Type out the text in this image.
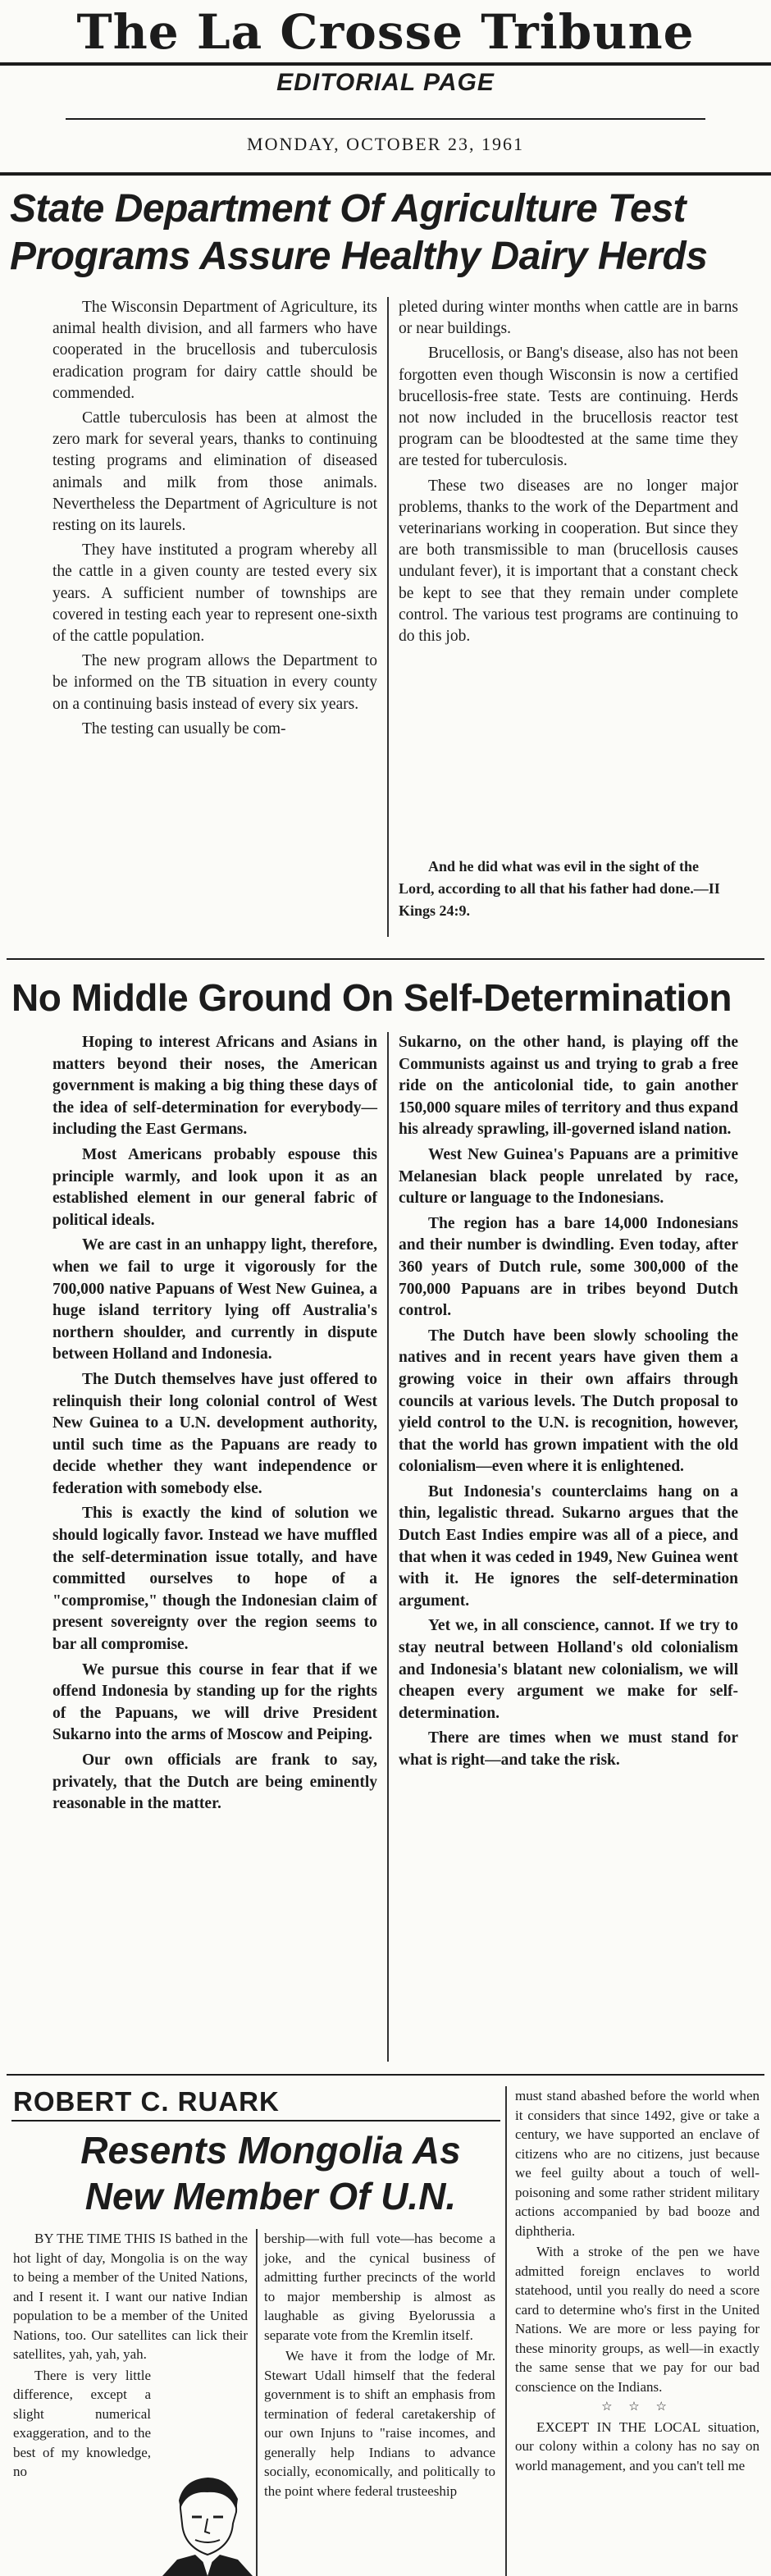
The La Crosse Tribune
EDITORIAL PAGE
MONDAY, OCTOBER 23, 1961
State Department Of Agriculture Test
Programs Assure Healthy Dairy Herds

The Wisconsin Department of Agriculture, its animal health division, and all farmers who have cooperated in the brucellosis and tuberculosis eradication program for dairy cattle should be commended.

Cattle tuberculosis has been at almost the zero mark for several years, thanks to continuing testing programs and elimination of diseased animals and milk from those animals. Nevertheless the Department of Agriculture is not resting on its laurels.

They have instituted a program whereby all the cattle in a given county are tested every six years. A sufficient number of townships are covered in testing each year to represent one-sixth of the cattle population.

The new program allows the Department to be informed on the TB situation in every county on a continuing basis instead of every six years.

The testing can usually be com-

pleted during winter months when cattle are in barns or near buildings.

Brucellosis, or Bang's disease, also has not been forgotten even though Wisconsin is now a certified brucellosis-free state. Tests are continuing. Herds not now included in the brucellosis reactor test program can be bloodtested at the same time they are tested for tuberculosis.

These two diseases are no longer major problems, thanks to the work of the Department and veterinarians working in cooperation. But since they are both transmissible to man (brucellosis causes undulant fever), it is important that a constant check be kept to see that they remain under complete control. The various test programs are continuing to do this job.

And he did what was evil in the sight of the Lord, according to all that his father had done.—II Kings 24:9.

No Middle Ground On Self-Determination

Hoping to interest Africans and Asians in matters beyond their noses, the American government is making a big thing these days of the idea of self-determination for everybody—including the East Germans.

Most Americans probably espouse this principle warmly, and look upon it as an established element in our general fabric of political ideals.

We are cast in an unhappy light, therefore, when we fail to urge it vigorously for the 700,000 native Papuans of West New Guinea, a huge island territory lying off Australia's northern shoulder, and currently in dispute between Holland and Indonesia.

The Dutch themselves have just offered to relinquish their long colonial control of West New Guinea to a U.N. development authority, until such time as the Papuans are ready to decide whether they want independence or federation with somebody else.

This is exactly the kind of solution we should logically favor. Instead we have muffled the self-determination issue totally, and have committed ourselves to hope of a "compromise," though the Indonesian claim of present sovereignty over the region seems to bar all compromise.

We pursue this course in fear that if we offend Indonesia by standing up for the rights of the Papuans, we will drive President Sukarno into the arms of Moscow and Peiping.

Our own officials are frank to say, privately, that the Dutch are being eminently reasonable in the matter.

Sukarno, on the other hand, is playing off the Communists against us and trying to grab a free ride on the anticolonial tide, to gain another 150,000 square miles of territory and thus expand his already sprawling, ill-governed island nation.

West New Guinea's Papuans are a primitive Melanesian black people unrelated by race, culture or language to the Indonesians.

The region has a bare 14,000 Indonesians and their number is dwindling. Even today, after 360 years of Dutch rule, some 300,000 of the 700,000 Papuans are in tribes beyond Dutch control.

The Dutch have been slowly schooling the natives and in recent years have given them a growing voice in their own affairs through councils at various levels. The Dutch proposal to yield control to the U.N. is recognition, however, that the world has grown impatient with the old colonialism—even where it is enlightened.

But Indonesia's counterclaims hang on a thin, legalistic thread. Sukarno argues that the Dutch East Indies empire was all of a piece, and that when it was ceded in 1949, New Guinea went with it. He ignores the self-determination argument.

Yet we, in all conscience, cannot. If we try to stay neutral between Holland's old colonialism and Indonesia's blatant new colonialism, we will cheapen every argument we make for self-determination.

There are times when we must stand for what is right—and take the risk.

ROBERT C. RUARK
Resents Mongolia As
New Member Of U.N.

BY THE TIME THIS IS bathed in the hot light of day, Mongolia is on the way to being a member of the United Nations, and I resent it. I want our native Indian population to be a member of the United Nations, too. Our satellites can lick their satellites, yah, yah, yah.

There is very little difference, except a slight numerical exaggeration, and to the best of my knowledge, no

bership—with full vote—has become a joke, and the cynical business of admitting further precincts of the world to major membership is almost as laughable as giving Byelorussia a separate vote from the Kremlin itself.

We have it from the lodge of Mr. Stewart Udall himself that the federal government is to shift an emphasis from termination of federal caretakership of our own Injuns to "raise incomes, and generally help Indians to advance socially, economically, and politically to the point where federal trusteeship

must stand abashed before the world when it considers that since 1492, give or take a century, we have supported an enclave of citizens who are no citizens, just because we feel guilty about a touch of well-poisoning and some rather strident military actions accompanied by bad booze and diphtheria.

With a stroke of the pen we have admitted foreign enclaves to world statehood, until you really do need a score card to determine who's first in the United Nations. We are more or less paying for these minority groups, as well—in exactly the same sense that we pay for our bad conscience on the Indians.

☆ ☆ ☆

EXCEPT IN THE LOCAL situation, our colony within a colony has no say on world management, and you can't tell me
